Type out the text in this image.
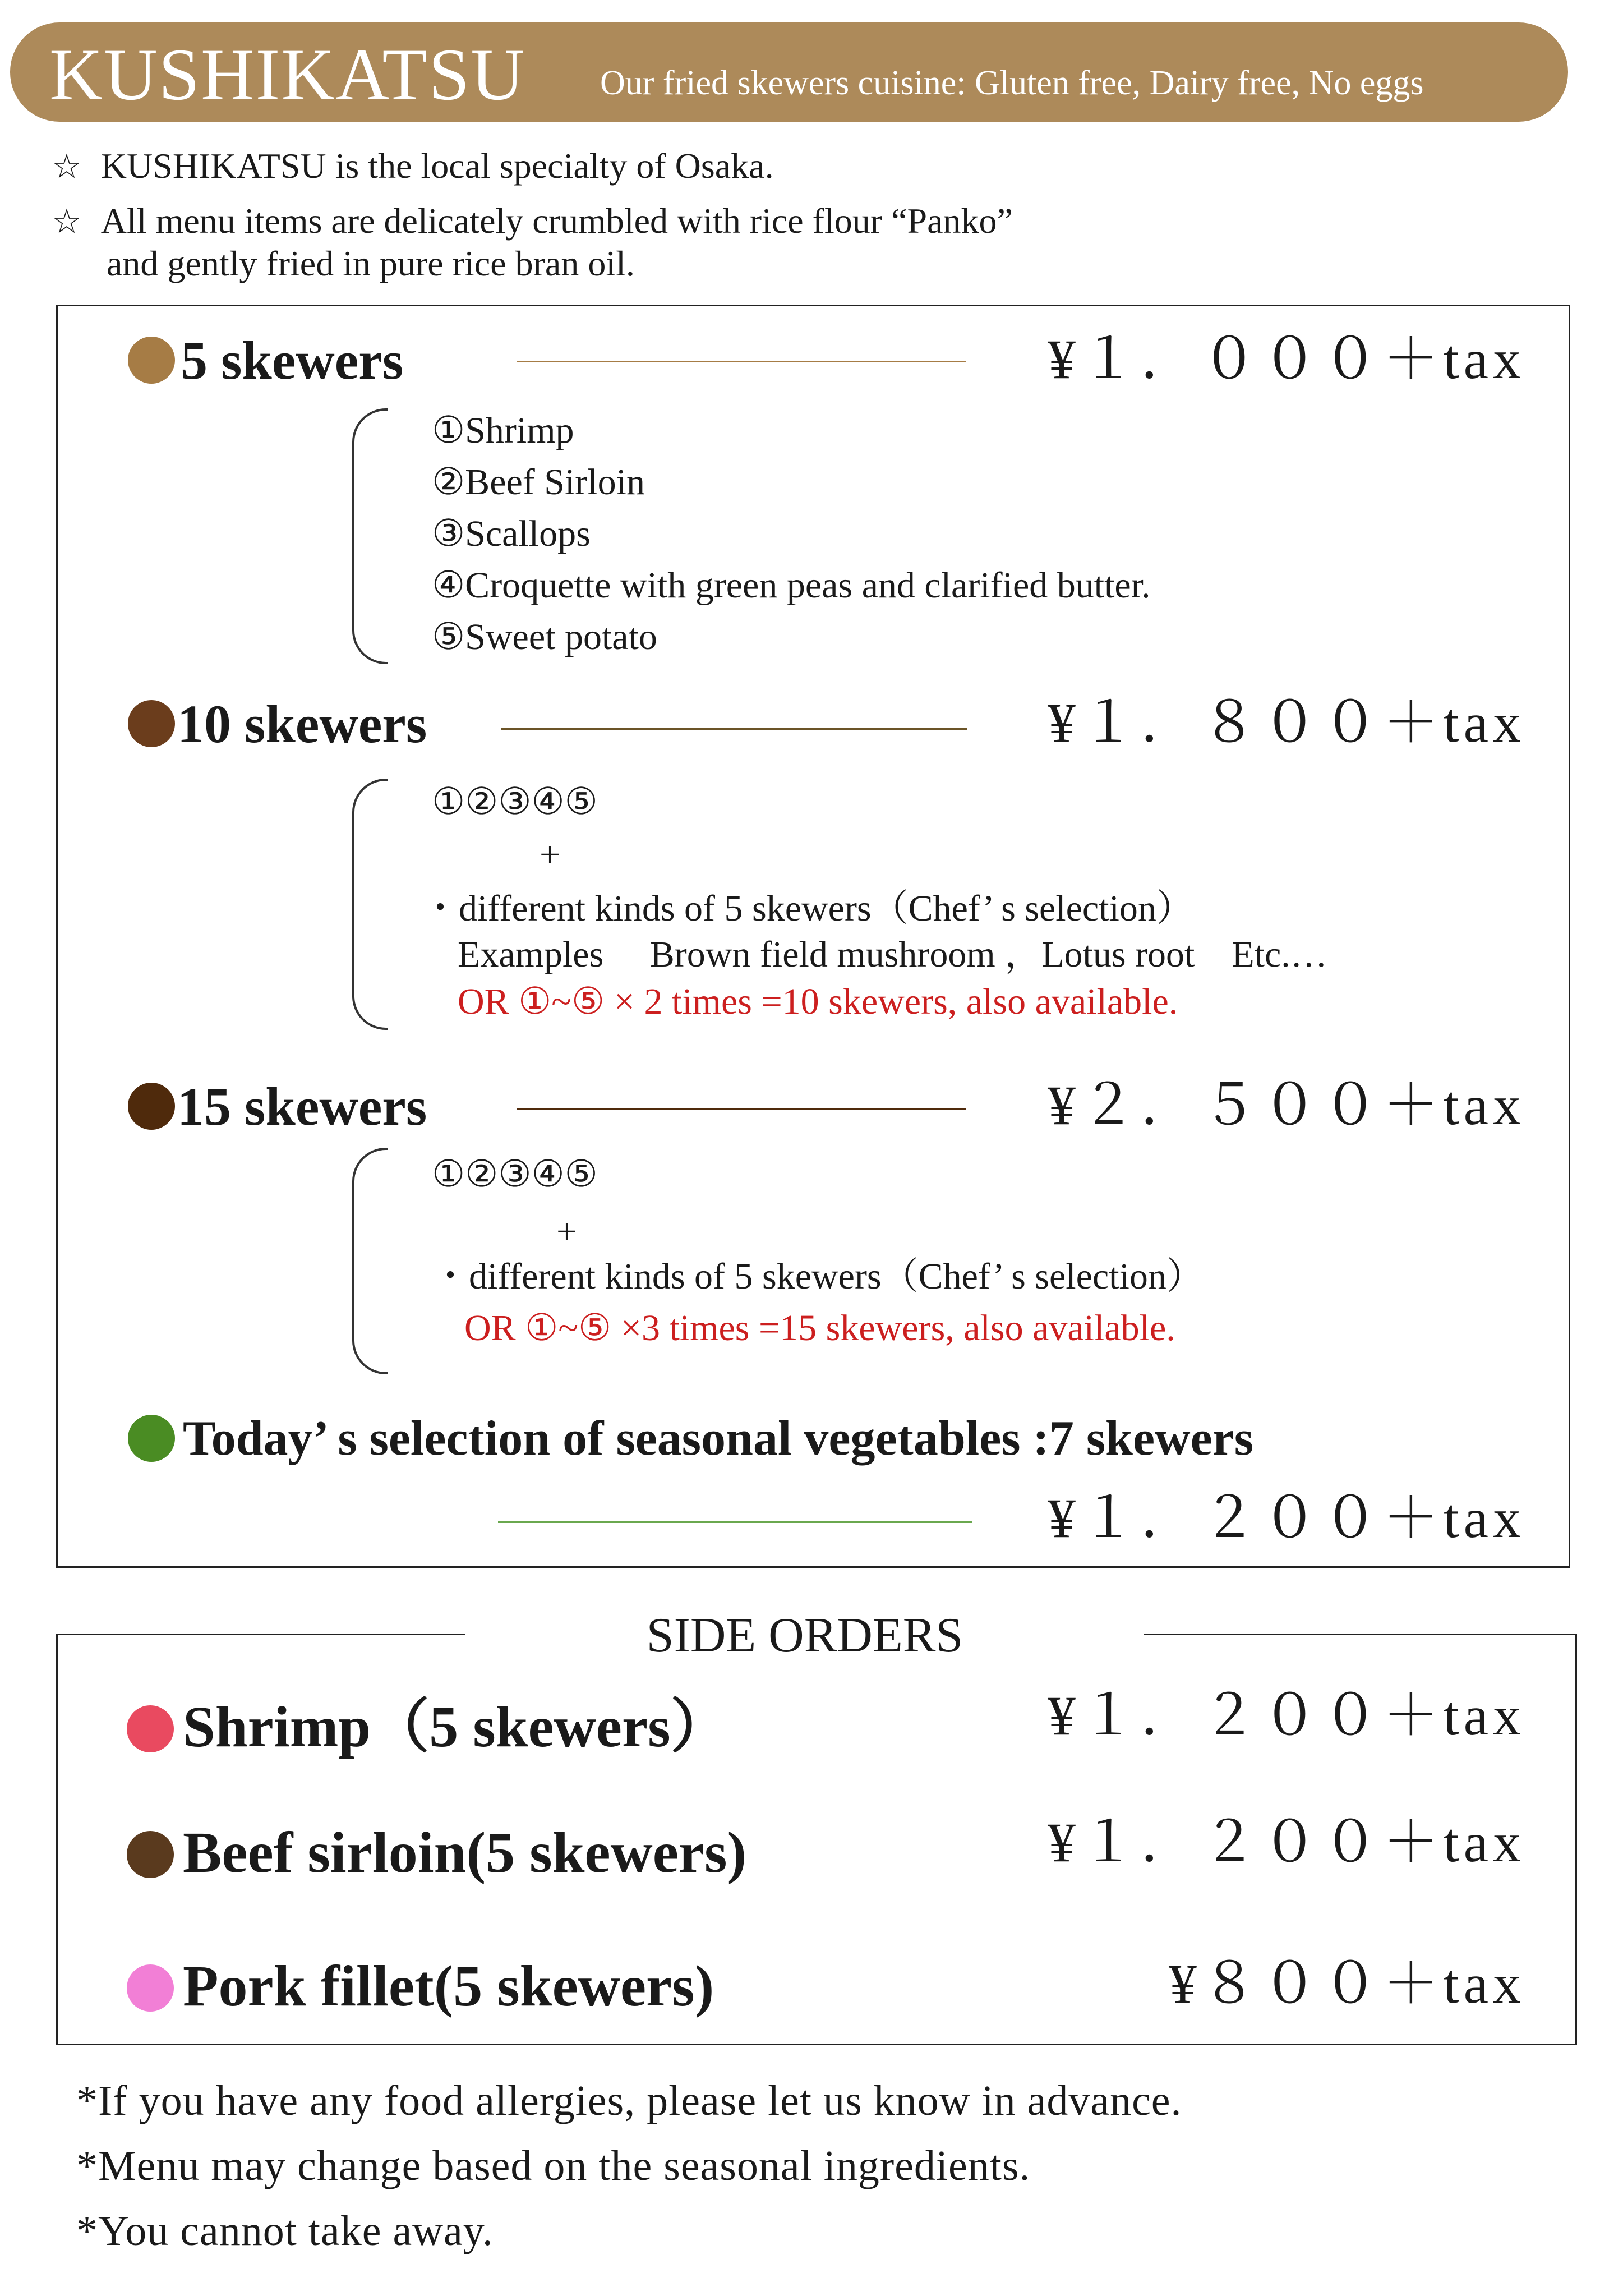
KUSHIKATSU Our fried skewers cuisine: Gluten free, Dairy free, No eggs
☆ KUSHIKATSU is the local specialty of Osaka.
☆ All menu items are delicately crumbled with rice flour “Panko”
and gently fried in pure rice bran oil.
5 skewers	¥１．０００＋tax
①Shrimp
②Beef Sirloin
③Scallops
④Croquette with green peas and clarified butter.
⑤Sweet potato
10 skewers	¥１．８００＋tax
①②③④⑤
+
・different kinds of 5 skewers（Chef’ s selection）
Examples　 Brown field mushroom ，Lotus root　Etc.…
OR ①~⑤ × 2 times =10 skewers, also available.
15 skewers	¥２．５００＋tax
①②③④⑤
+
・different kinds of 5 skewers（Chef’ s selection）
OR ①~⑤ ×3 times =15 skewers, also available.
Today’ s selection of seasonal vegetables :7 skewers
¥１．２００＋tax
SIDE ORDERS
Shrimp（5 skewers）	¥１．２００＋tax
Beef sirloin(5 skewers)	¥１．２００＋tax
Pork fillet(5 skewers)	¥８００＋tax
*If you have any food allergies, please let us know in advance.
*Menu may change based on the seasonal ingredients.
*You cannot take away.
